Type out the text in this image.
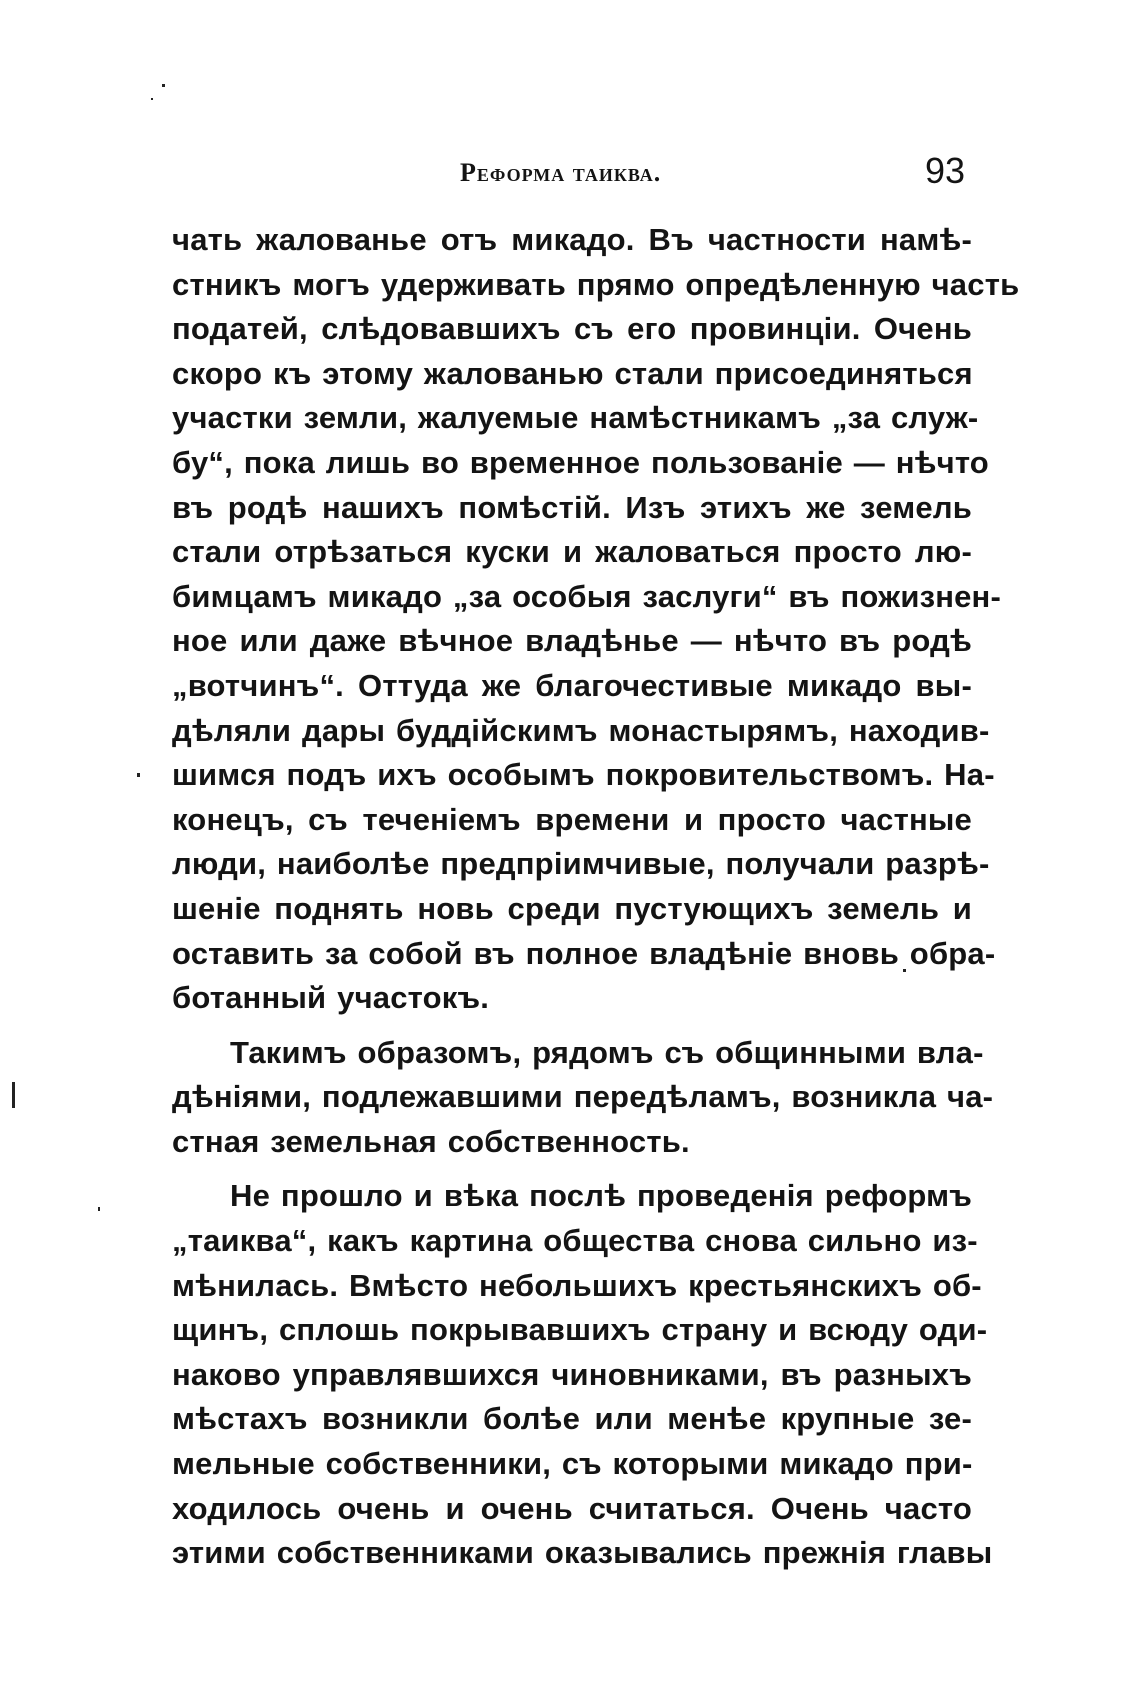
Реформа таиква.	93
чать жалованье отъ микадо. Въ частности намѣ-
стникъ могъ удерживать прямо опредѣленную часть
податей, слѣдовавшихъ съ его провинціи. Очень
скоро къ этому жалованью стали присоединяться
участки земли, жалуемые намѣстникамъ „за служ-
бу“, пока лишь во временное пользованіе — нѣчто
въ родѣ нашихъ помѣстій. Изъ этихъ же земель
стали отрѣзаться куски и жаловаться просто лю-
бимцамъ микадо „за особыя заслуги“ въ пожизнен-
ное или даже вѣчное владѣнье — нѣчто въ родѣ
„вотчинъ“. Оттуда же благочестивые микадо вы-
дѣляли дары буддійскимъ монастырямъ, находив-
шимся подъ ихъ особымъ покровительствомъ. На-
конецъ, съ теченіемъ времени и просто частные
люди, наиболѣе предпріимчивые, получали разрѣ-
шеніе поднять новь среди пустующихъ земель и
оставить за собой въ полное владѣніе вновь обра-
ботанный участокъ.
Такимъ образомъ, рядомъ съ общинными вла-
дѣніями, подлежавшими передѣламъ, возникла ча-
стная земельная собственность.
Не прошло и вѣка послѣ проведенія реформъ
„таиква“, какъ картина общества снова сильно из-
мѣнилась. Вмѣсто небольшихъ крестьянскихъ об-
щинъ, сплошь покрывавшихъ страну и всюду оди-
наково управлявшихся чиновниками, въ разныхъ
мѣстахъ возникли болѣе или менѣе крупные зе-
мельные собственники, съ которыми микадо при-
ходилось очень и очень считаться. Очень часто
этими собственниками оказывались прежнія главы
